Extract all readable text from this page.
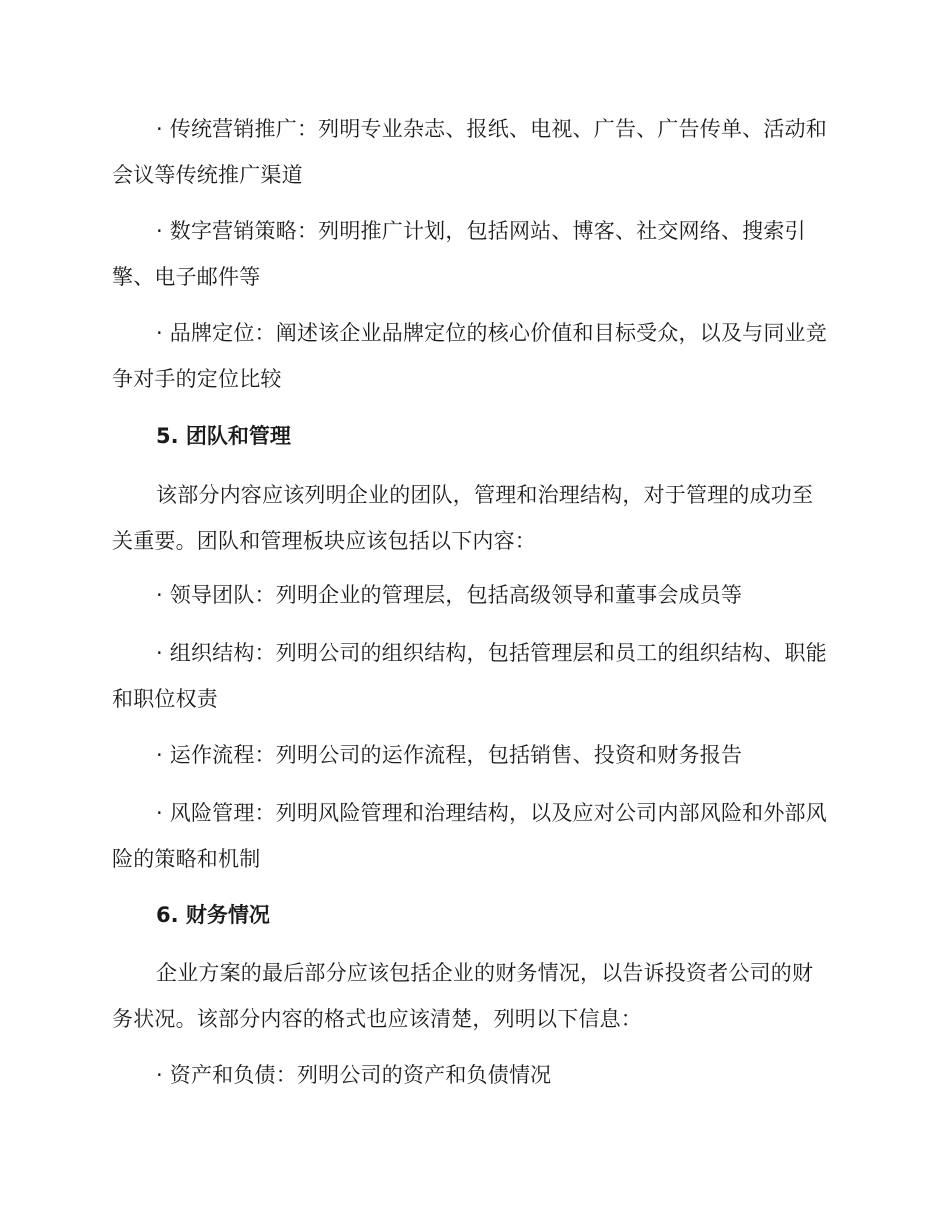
· 传统营销推广：列明专业杂志、报纸、电视、广告、广告传单、活动和会议等传统推广渠道

· 数字营销策略：列明推广计划，包括网站、博客、社交网络、搜索引擎、电子邮件等

· 品牌定位：阐述该企业品牌定位的核心价值和目标受众，以及与同业竞争对手的定位比较

5. 团队和管理

该部分内容应该列明企业的团队，管理和治理结构，对于管理的成功至关重要。团队和管理板块应该包括以下内容：

· 领导团队：列明企业的管理层，包括高级领导和董事会成员等

· 组织结构：列明公司的组织结构，包括管理层和员工的组织结构、职能和职位权责

· 运作流程：列明公司的运作流程，包括销售、投资和财务报告

· 风险管理：列明风险管理和治理结构，以及应对公司内部风险和外部风险的策略和机制

6. 财务情况

企业方案的最后部分应该包括企业的财务情况，以告诉投资者公司的财务状况。该部分内容的格式也应该清楚，列明以下信息：

· 资产和负债：列明公司的资产和负债情况
